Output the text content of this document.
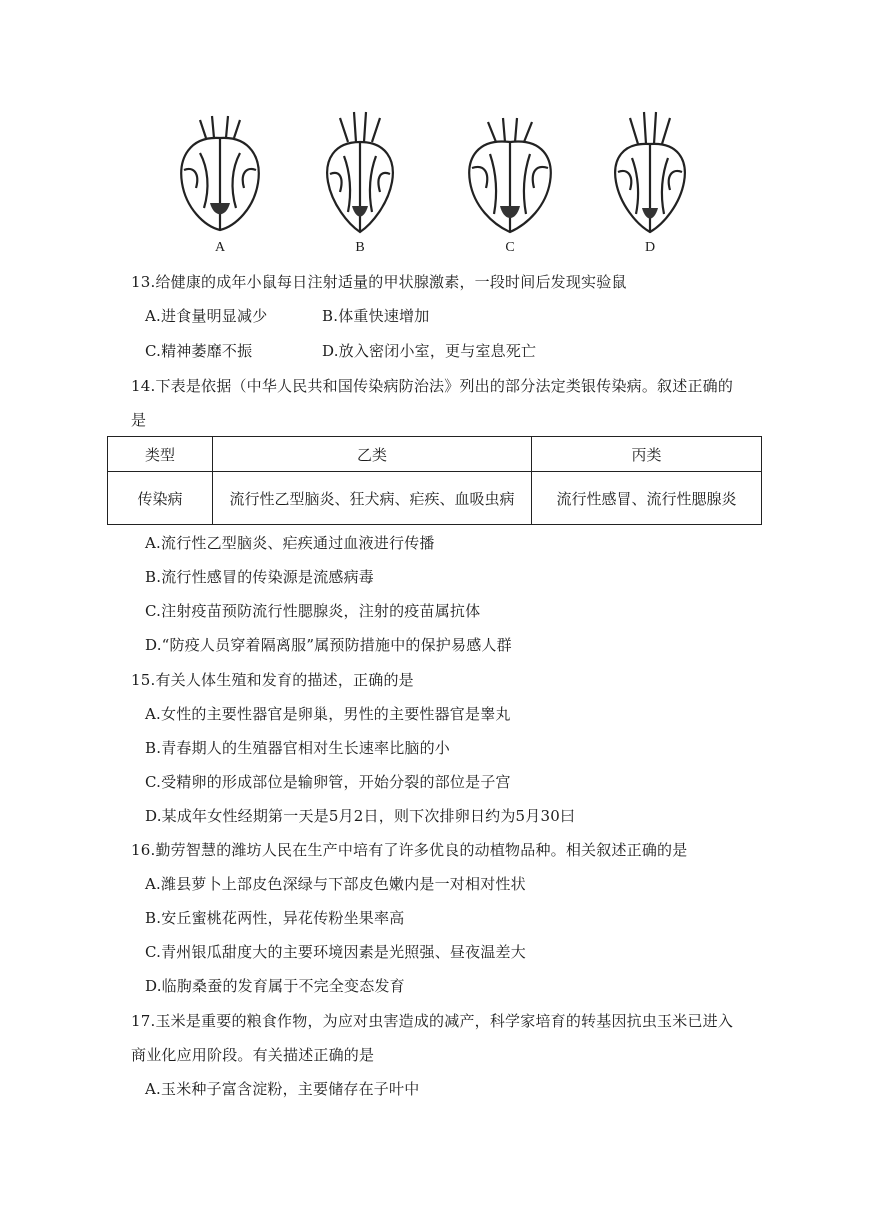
A	B	C	D
13.给健康的成年小鼠每日注射适量的甲状腺激素，一段时间后发现实验鼠
A.进食量明显减少	B.体重快速增加
C.精神萎靡不振	D.放入密闭小室，更与室息死亡
14.下表是依据（中华人民共和国传染病防治法》列出的部分法定类银传染病。叙述正确的
是
类型	乙类	丙类
传染病	流行性乙型脑炎、狂犬病、疟疾、血吸虫病	流行性感冒、流行性腮腺炎
A.流行性乙型脑炎、疟疾通过血液进行传播
B.流行性感冒的传染源是流感病毒
C.注射疫苗预防流行性腮腺炎，注射的疫苗属抗体
D.“防疫人员穿着隔离服”属预防措施中的保护易感人群
15.有关人体生殖和发育的描述，正确的是
A.女性的主要性器官是卵巢，男性的主要性器官是睾丸
B.青春期人的生殖器官相对生长速率比脑的小
C.受精卵的形成部位是输卵管，开始分裂的部位是子宫
D.某成年女性经期第一天是5月2日，则下次排卵日约为5月30曰
16.勤劳智慧的潍坊人民在生产中培有了许多优良的动植物品种。相关叙述正确的是
A.潍县萝卜上部皮色深绿与下部皮色嫩内是一对相对性状
B.安丘蜜桃花两性，异花传粉坐果率高
C.青州银瓜甜度大的主要环境因素是光照强、昼夜温差大
D.临朐桑蚕的发育属于不完全变态发育
17.玉米是重要的粮食作物，为应对虫害造成的减产，科学家培育的转基因抗虫玉米已进入
商业化应用阶段。有关描述正确的是
A.玉米种子富含淀粉，主要储存在子叶中
